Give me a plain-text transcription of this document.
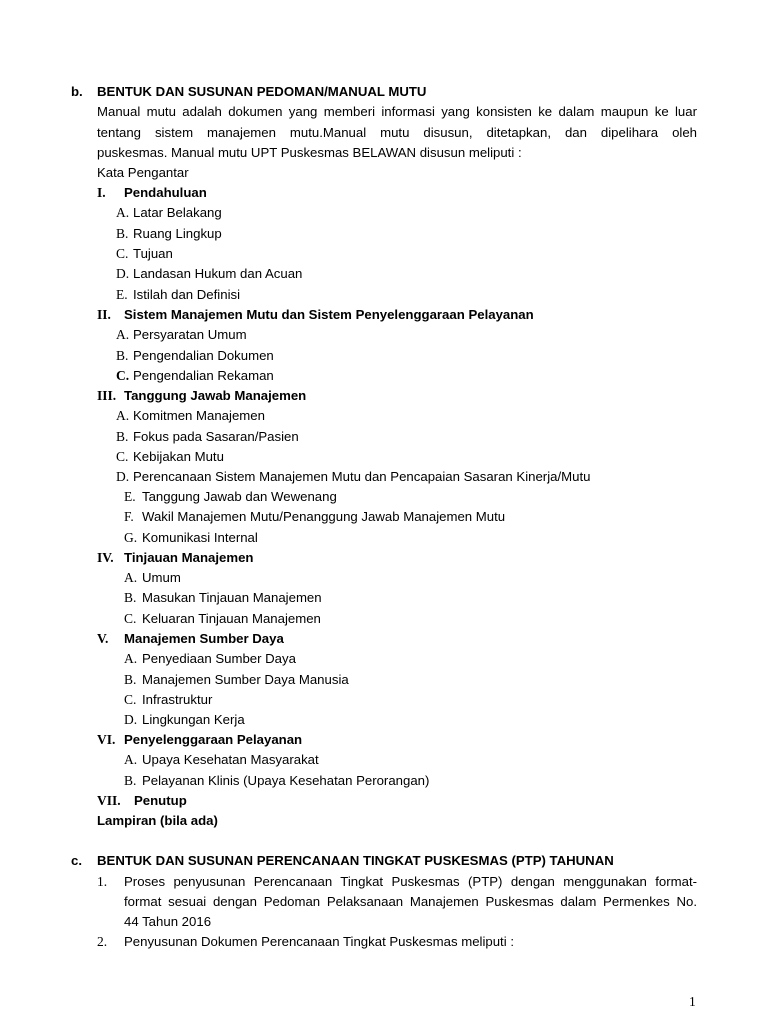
b. BENTUK DAN SUSUNAN PEDOMAN/MANUAL MUTU
Manual mutu adalah dokumen yang memberi informasi yang konsisten ke dalam maupun ke luar
tentang sistem manajemen mutu.Manual mutu disusun, ditetapkan, dan dipelihara oleh
puskesmas. Manual mutu UPT Puskesmas BELAWAN disusun meliputi :
Kata Pengantar
I. Pendahuluan
A. Latar Belakang
B. Ruang Lingkup
C. Tujuan
D. Landasan Hukum dan Acuan
E. Istilah dan Definisi
II. Sistem Manajemen Mutu dan Sistem Penyelenggaraan Pelayanan
A. Persyaratan Umum
B. Pengendalian Dokumen
C. Pengendalian Rekaman
III. Tanggung Jawab Manajemen
A. Komitmen Manajemen
B. Fokus pada Sasaran/Pasien
C. Kebijakan Mutu
D. Perencanaan Sistem Manajemen Mutu dan Pencapaian Sasaran Kinerja/Mutu
E. Tanggung Jawab dan Wewenang
F. Wakil Manajemen Mutu/Penanggung Jawab Manajemen Mutu
G. Komunikasi Internal
IV. Tinjauan Manajemen
A. Umum
B. Masukan Tinjauan Manajemen
C. Keluaran Tinjauan Manajemen
V. Manajemen Sumber Daya
A. Penyediaan Sumber Daya
B. Manajemen Sumber Daya Manusia
C. Infrastruktur
D. Lingkungan Kerja
VI. Penyelenggaraan Pelayanan
A. Upaya Kesehatan Masyarakat
B. Pelayanan Klinis (Upaya Kesehatan Perorangan)
VII. Penutup
Lampiran (bila ada)
c. BENTUK DAN SUSUNAN PERENCANAAN TINGKAT PUSKESMAS (PTP) TAHUNAN
1. Proses penyusunan Perencanaan Tingkat Puskesmas (PTP) dengan menggunakan format-
format sesuai dengan Pedoman Pelaksanaan Manajemen Puskesmas dalam Permenkes No.
44 Tahun 2016
2. Penyusunan Dokumen Perencanaan Tingkat Puskesmas meliputi :
1
